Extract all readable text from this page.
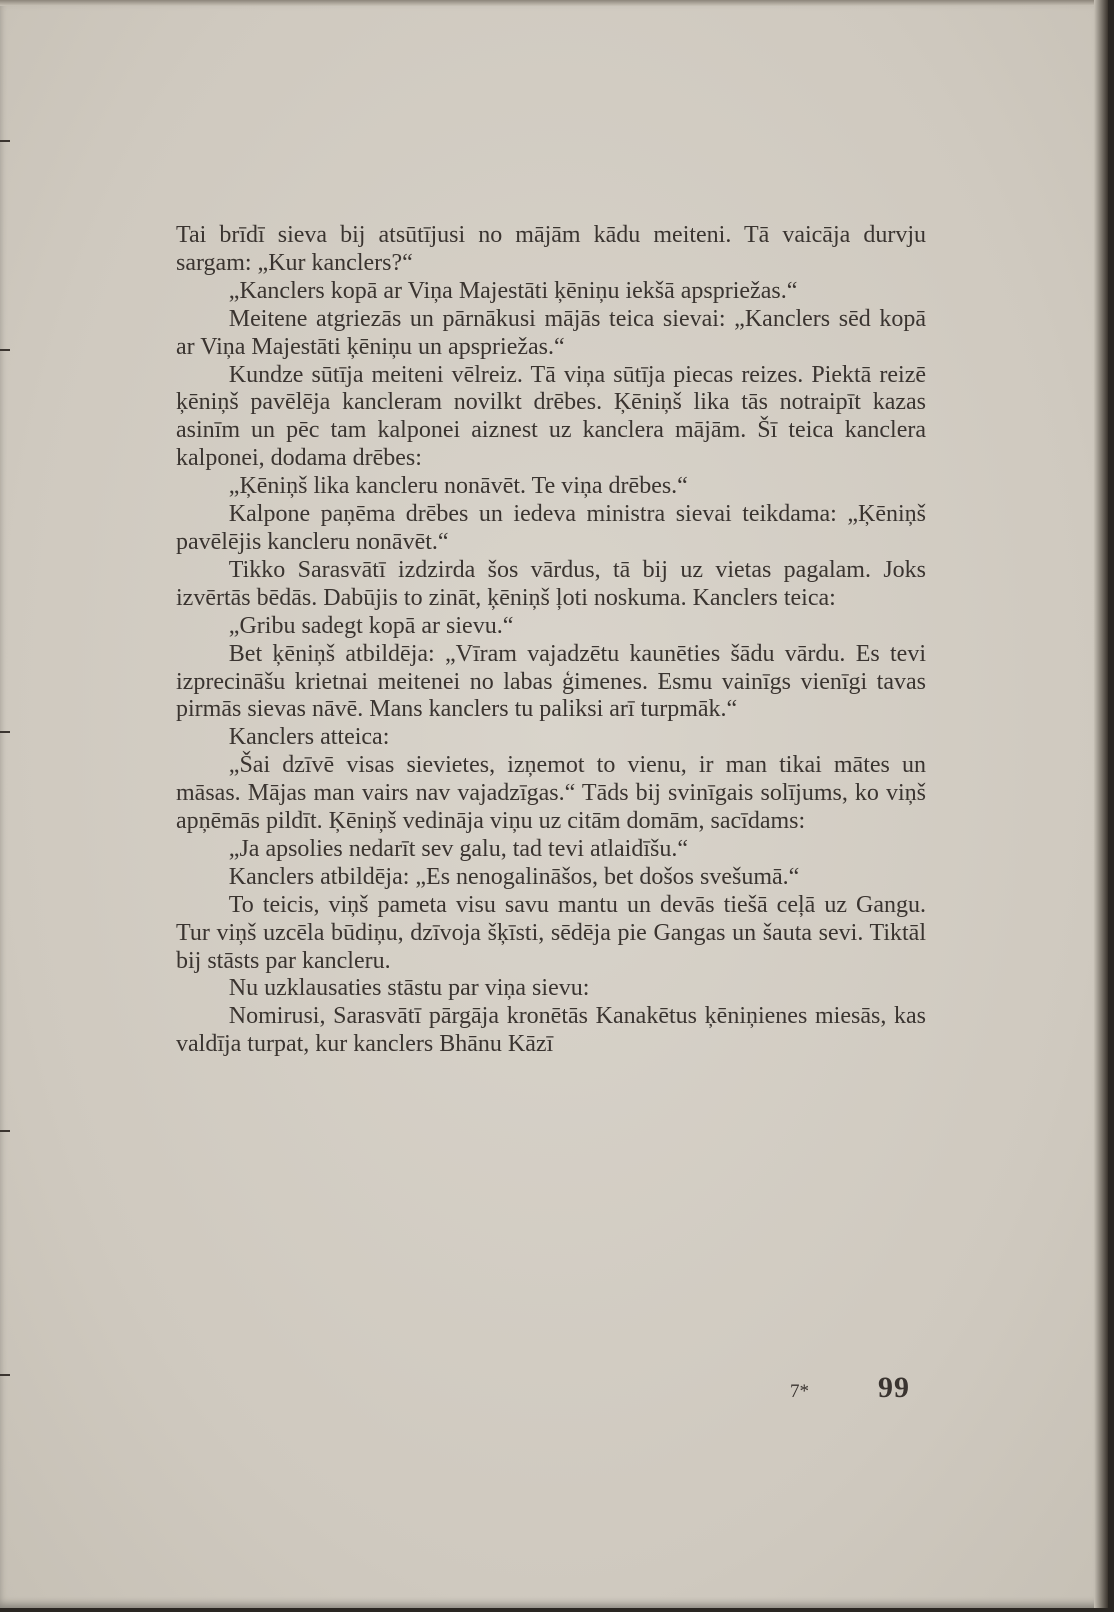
Tai brīdī sieva bij atsūtījusi no mājām kādu meiteni. Tā vaicāja durvju sargam: „Kur kanclers?“

„Kanclers kopā ar Viņa Majestāti ķēniņu iekšā apspriežas.“

Meitene atgriezās un pārnākusi mājās teica sievai: „Kanclers sēd kopā ar Viņa Majestāti ķēniņu un apspriežas.“

Kundze sūtīja meiteni vēlreiz. Tā viņa sūtīja piecas reizes. Piektā reizē ķēniņš pavēlēja kancleram novilkt drēbes. Ķēniņš lika tās notraipīt kazas asinīm un pēc tam kalponei aiznest uz kanclera mājām. Šī teica kanclera kalponei, dodama drēbes:

„Ķēniņš lika kancleru nonāvēt. Te viņa drēbes.“

Kalpone paņēma drēbes un iedeva ministra sievai teikdama: „Ķēniņš pavēlējis kancleru nonāvēt.“

Tikko Sarasvātī izdzirda šos vārdus, tā bij uz vietas pagalam. Joks izvērtās bēdās. Dabūjis to zināt, ķēniņš ļoti noskuma. Kanclers teica:

„Gribu sadegt kopā ar sievu.“

Bet ķēniņš atbildēja: „Vīram vajadzētu kaunēties šādu vārdu. Es tevi izprecināšu krietnai meitenei no labas ģimenes. Esmu vainīgs vienīgi tavas pirmās sievas nāvē. Mans kanclers tu paliksi arī turpmāk.“

Kanclers atteica:

„Šai dzīvē visas sievietes, izņemot to vienu, ir man tikai mātes un māsas. Mājas man vairs nav vajadzīgas.“ Tāds bij svinīgais solījums, ko viņš apņēmās pildīt. Ķēniņš vedināja viņu uz citām domām, sacīdams:

„Ja apsolies nedarīt sev galu, tad tevi atlaidīšu.“

Kanclers atbildēja: „Es nenogalināšos, bet došos svešumā.“

To teicis, viņš pameta visu savu mantu un devās tiešā ceļā uz Gangu. Tur viņš uzcēla būdiņu, dzīvoja šķīsti, sēdēja pie Gangas un šauta sevi. Tiktāl bij stāsts par kancleru.

Nu uzklausaties stāstu par viņa sievu:

Nomirusi, Sarasvātī pārgāja kronētās Kanakētus ķēniņienes miesās, kas valdīja turpat, kur kanclers Bhānu Kāzī

7* 99
